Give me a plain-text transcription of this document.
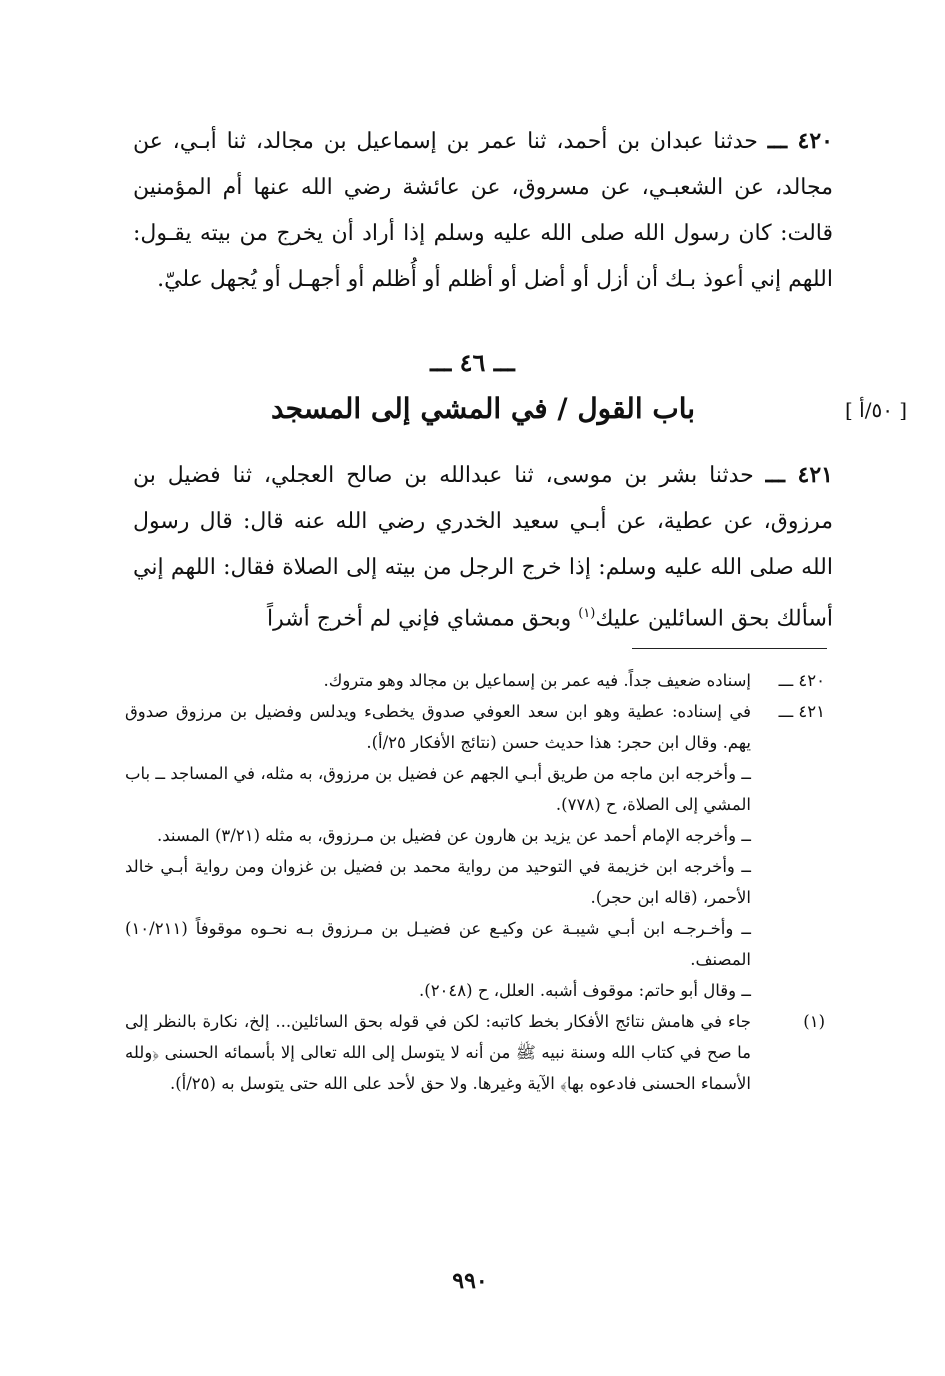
٤٢٠ ـــ حدثنا عبدان بن أحمد، ثنا عمر بن إسماعيل بن مجالد، ثنا أبـي، عن مجالد، عن الشعبـي، عن مسروق، عن عائشة رضي الله عنها أم المؤمنين قالت: كان رسول الله صلى الله عليه وسلم إذا أراد أن يخرج من بيته يقـول: اللهم إني أعوذ بـك أن أزل أو أضل أو أظلم أو أُظلم أو أجهـل أو يُجهل عليّ.
ـــ ٤٦ ـــ
باب القول / في المشي إلى المسجد	[ ٥٠/أ ]
٤٢١ ـــ حدثنا بشر بن موسى، ثنا عبدالله بن صالح العجلي، ثنا فضيل بن مرزوق، عن عطية، عن أبـي سعيد الخدري رضي الله عنه قال: قال رسول الله صلى الله عليه وسلم: إذا خرج الرجل من بيته إلى الصلاة فقال: اللهم إني أسألك بحق السائلين عليك$^{(١)}$ وبحق ممشاي فإني لم أخرج أشراً
٤٢٠ ـــ
إسناده ضعيف جداً. فيه عمر بن إسماعيل بن مجالد وهو متروك.
٤٢١ ـــ
في إسناده: عطية وهو ابن سعد العوفي صدوق يخطىء ويدلس وفضيل بن مرزوق صدوق يهم. وقال ابن حجر: هذا حديث حسن (نتائج الأفكار ٢٥/أ).
ــ وأخرجه ابن ماجه من طريق أبـي الجهم عن فضيل بن مرزوق، به مثله، في المساجد ــ باب المشي إلى الصلاة، ح (٧٧٨).
ــ وأخرجه الإمام أحمد عن يزيد بن هارون عن فضيل بن مـرزوق، به مثله (٣/٢١) المسند.
ــ وأخرجه ابن خزيمة في التوحيد من رواية محمد بن فضيل بن غزوان ومن رواية أبـي خالد الأحمر، (قاله ابن حجر).
ــ وأخـرجـه ابن أبـي شيبـة عن وكيـع عن فضيـل بن مـرزوق بـه نحـوه موقوفاً (١٠/٢١١) المصنف.
ــ وقال أبو حاتم: موقوف أشبه. العلل، ح (٢٠٤٨).
(١)
جاء في هامش نتائج الأفكار بخط كاتبه: لكن في قوله بحق السائلين... إلخ، نكارة بالنظر إلى ما صح في كتاب الله وسنة نبيه ﷺ من أنه لا يتوسل إلى الله تعالى إلا بأسمائه الحسنى ﴿ولله الأسماء الحسنى فادعوه بها﴾ الآية وغيرها. ولا حق لأحد على الله حتى يتوسل به (٢٥/أ).
٩٩٠
